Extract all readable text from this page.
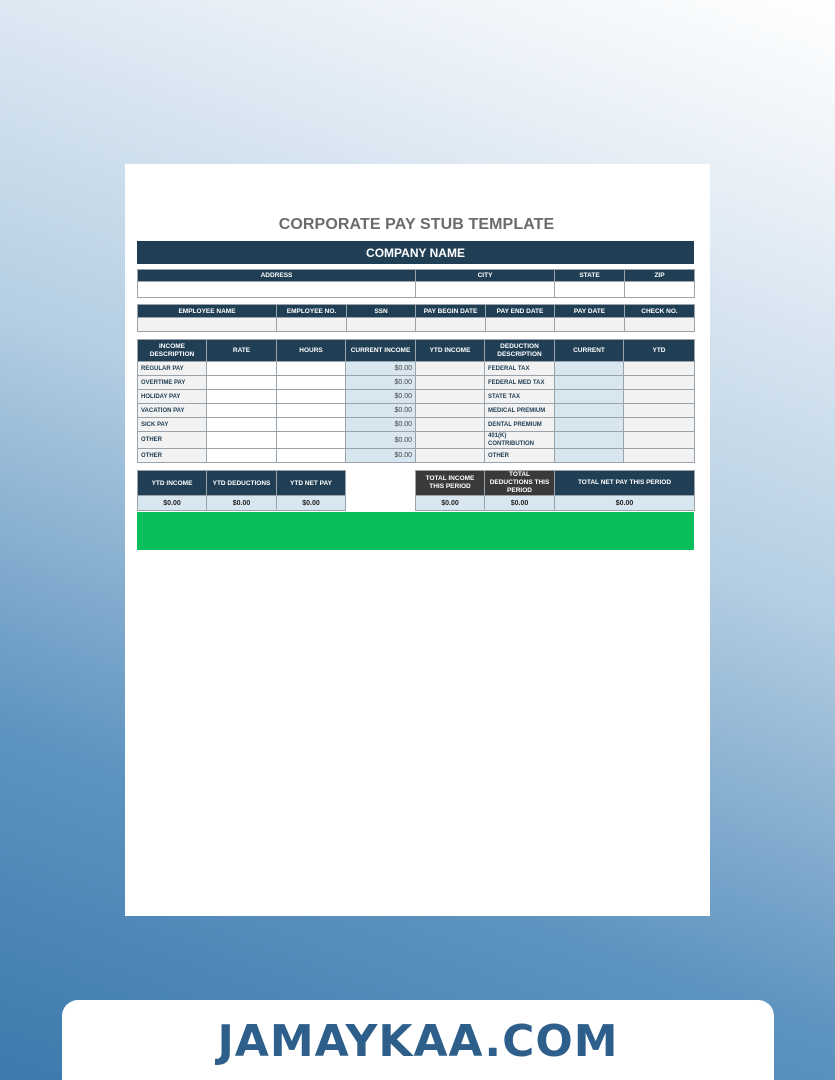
CORPORATE PAY STUB TEMPLATE
COMPANY NAME
ADDRESS	CITY	STATE	ZIP

EMPLOYEE NAME	EMPLOYEE NO.	SSN	PAY BEGIN DATE	PAY END DATE	PAY DATE	CHECK NO.

INCOME DESCRIPTION	RATE	HOURS	CURRENT INCOME	YTD INCOME	DEDUCTION DESCRIPTION	CURRENT	YTD
REGULAR PAY			$0.00		FEDERAL TAX		
OVERTIME PAY			$0.00		FEDERAL MED TAX		
HOLIDAY PAY			$0.00		STATE TAX		
VACATION PAY			$0.00		MEDICAL PREMIUM		
SICK PAY			$0.00		DENTAL PREMIUM		
OTHER			$0.00		401(K) CONTRIBUTION		
OTHER			$0.00		OTHER		
YTD INCOME	YTD DEDUCTIONS	YTD NET PAY		TOTAL INCOME THIS PERIOD	TOTAL DEDUCTIONS THIS PERIOD	TOTAL NET PAY THIS PERIOD
$0.00	$0.00	$0.00		$0.00	$0.00	$0.00
JAMAYKAA.COM
